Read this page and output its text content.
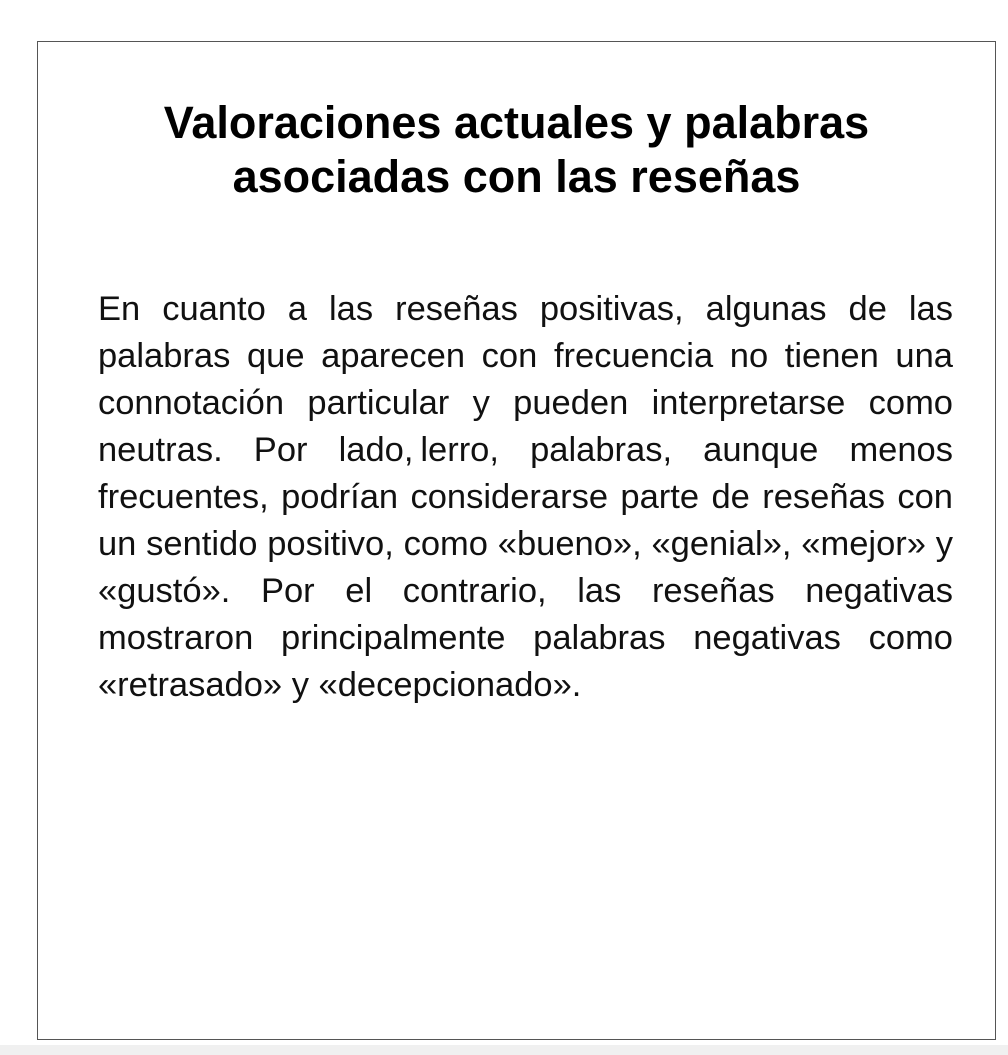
Valoraciones actuales y palabras
asociadas con las reseñas

En cuanto a las reseñas positivas, algunas de las palabras que aparecen con frecuencia no tienen una connotación particular y pueden interpretarse como neutras. Por lado, lerro, palabras, aunque menos frecuentes, podrían considerarse parte de reseñas con un sentido positivo, como «bueno», «genial», «mejor» y «gustó». Por el contrario, las reseñas negativas mostraron principalmente palabras negativas como «retrasado» y «decepcionado».
